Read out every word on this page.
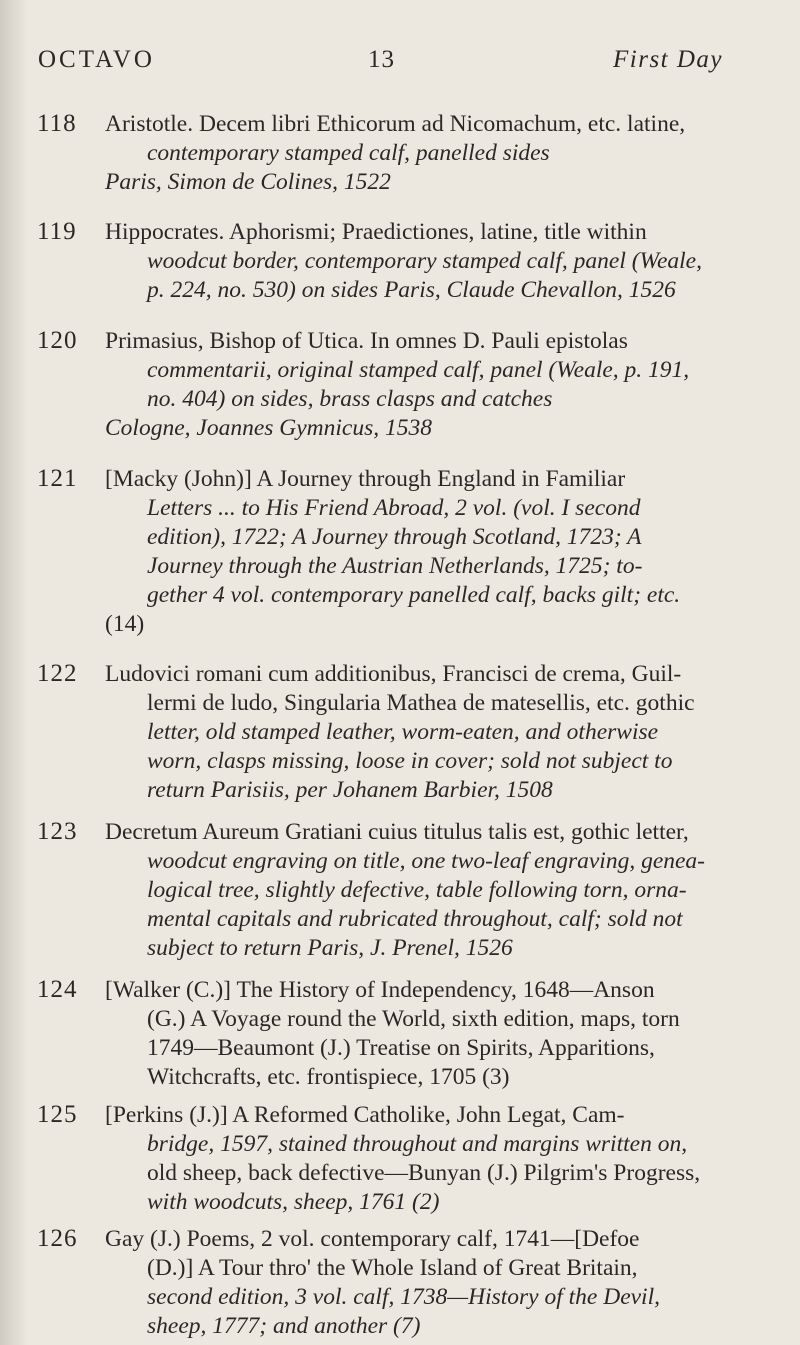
OCTAVO	13	First Day
118 Aristotle. Decem libri Ethicorum ad Nicomachum, etc. latine,

contemporary stamped calf, panelled sides

Paris, Simon de Colines, 1522

119 Hippocrates. Aphorismi; Praedictiones, latine, title within

woodcut border, contemporary stamped calf, panel (Weale,

p. 224, no. 530) on sides Paris, Claude Chevallon, 1526

120 Primasius, Bishop of Utica. In omnes D. Pauli epistolas

commentarii, original stamped calf, panel (Weale, p. 191,

no. 404) on sides, brass clasps and catches

Cologne, Joannes Gymnicus, 1538

121 [Macky (John)] A Journey through England in Familiar

Letters ... to His Friend Abroad, 2 vol. (vol. I second

edition), 1722; A Journey through Scotland, 1723; A

Journey through the Austrian Netherlands, 1725; to-

gether 4 vol. contemporary panelled calf, backs gilt; etc.

(14)

122 Ludovici romani cum additionibus, Francisci de crema, Guil-

lermi de ludo, Singularia Mathea de matesellis, etc. gothic

letter, old stamped leather, worm-eaten, and otherwise

worn, clasps missing, loose in cover; sold not subject to

return Parisiis, per Johanem Barbier, 1508

123 Decretum Aureum Gratiani cuius titulus talis est, gothic letter,

woodcut engraving on title, one two-leaf engraving, genea-

logical tree, slightly defective, table following torn, orna-

mental capitals and rubricated throughout, calf; sold not

subject to return Paris, J. Prenel, 1526

124 [Walker (C.)] The History of Independency, 1648—Anson

(G.) A Voyage round the World, sixth edition, maps, torn

1749—Beaumont (J.) Treatise on Spirits, Apparitions,

Witchcrafts, etc. frontispiece, 1705 (3)

125 [Perkins (J.)] A Reformed Catholike, John Legat, Cam-

bridge, 1597, stained throughout and margins written on,

old sheep, back defective—Bunyan (J.) Pilgrim's Progress,

with woodcuts, sheep, 1761 (2)

126 Gay (J.) Poems, 2 vol. contemporary calf, 1741—[Defoe

(D.)] A Tour thro' the Whole Island of Great Britain,

second edition, 3 vol. calf, 1738—History of the Devil,

sheep, 1777; and another (7)
